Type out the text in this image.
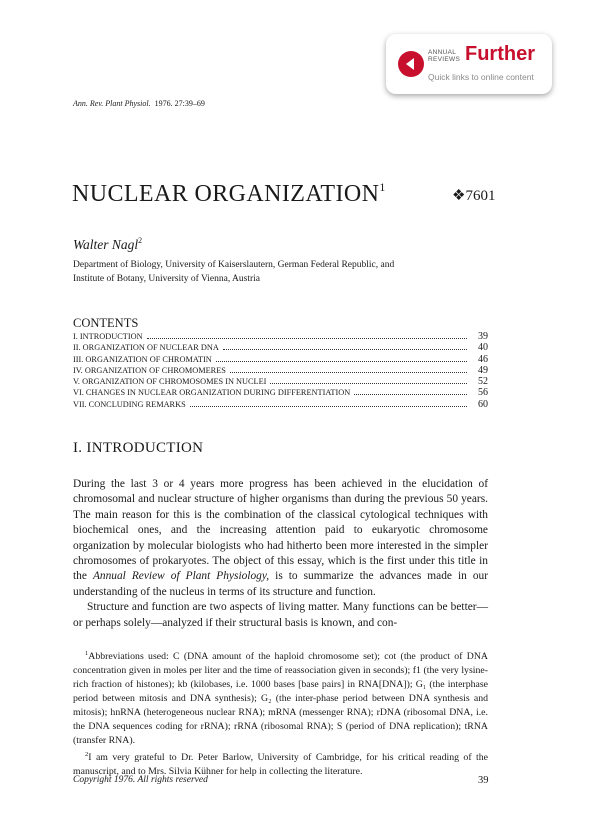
ANNUAL
REVIEWS Further
Quick links to online content
Ann. Rev. Plant Physiol. 1976. 27:39–69
NUCLEAR ORGANIZATION$^1$
❖7601
Walter Nagl$^2$
Department of Biology, University of Kaiserslautern, German Federal Republic, and
Institute of Botany, University of Vienna, Austria
CONTENTS
I. INTRODUCTION	39
II. ORGANIZATION OF NUCLEAR DNA	40
III. ORGANIZATION OF CHROMATIN	46
IV. ORGANIZATION OF CHROMOMERES	49
V. ORGANIZATION OF CHROMOSOMES IN NUCLEI	52
VI. CHANGES IN NUCLEAR ORGANIZATION DURING DIFFERENTIATION	56
VII. CONCLUDING REMARKS	60
I. INTRODUCTION

During the last 3 or 4 years more progress has been achieved in the elucidation of chromosomal and nuclear structure of higher organisms than during the previous 50 years. The main reason for this is the combination of the classical cytological techniques with biochemical ones, and the increasing attention paid to eukaryotic chromosome organization by molecular biologists who had hitherto been more interested in the simpler chromosomes of prokaryotes. The object of this essay, which is the first under this title in the Annual Review of Plant Physiology, is to summarize the advances made in our understanding of the nucleus in terms of its structure and function.

Structure and function are two aspects of living matter. Many functions can be better—or perhaps solely—analyzed if their structural basis is known, and con-

$^1$Abbreviations used: C (DNA amount of the haploid chromosome set); cot (the product of DNA concentration given in moles per liter and the time of reassociation given in seconds); f1 (the very lysine-rich fraction of histones); kb (kilobases, i.e. 1000 bases [base pairs] in RNA[DNA]); G₁ (the interphase period between mitosis and DNA synthesis); G₂ (the inter-phase period between DNA synthesis and mitosis); hnRNA (heterogeneous nuclear RNA); mRNA (messenger RNA); rDNA (ribosomal DNA, i.e. the DNA sequences coding for rRNA); rRNA (ribosomal RNA); S (period of DNA replication); tRNA (transfer RNA).

$^2$I am very grateful to Dr. Peter Barlow, University of Cambridge, for his critical reading of the manuscript, and to Mrs. Silvia Kühner for help in collecting the literature.

Copyright 1976. All rights reserved	39
